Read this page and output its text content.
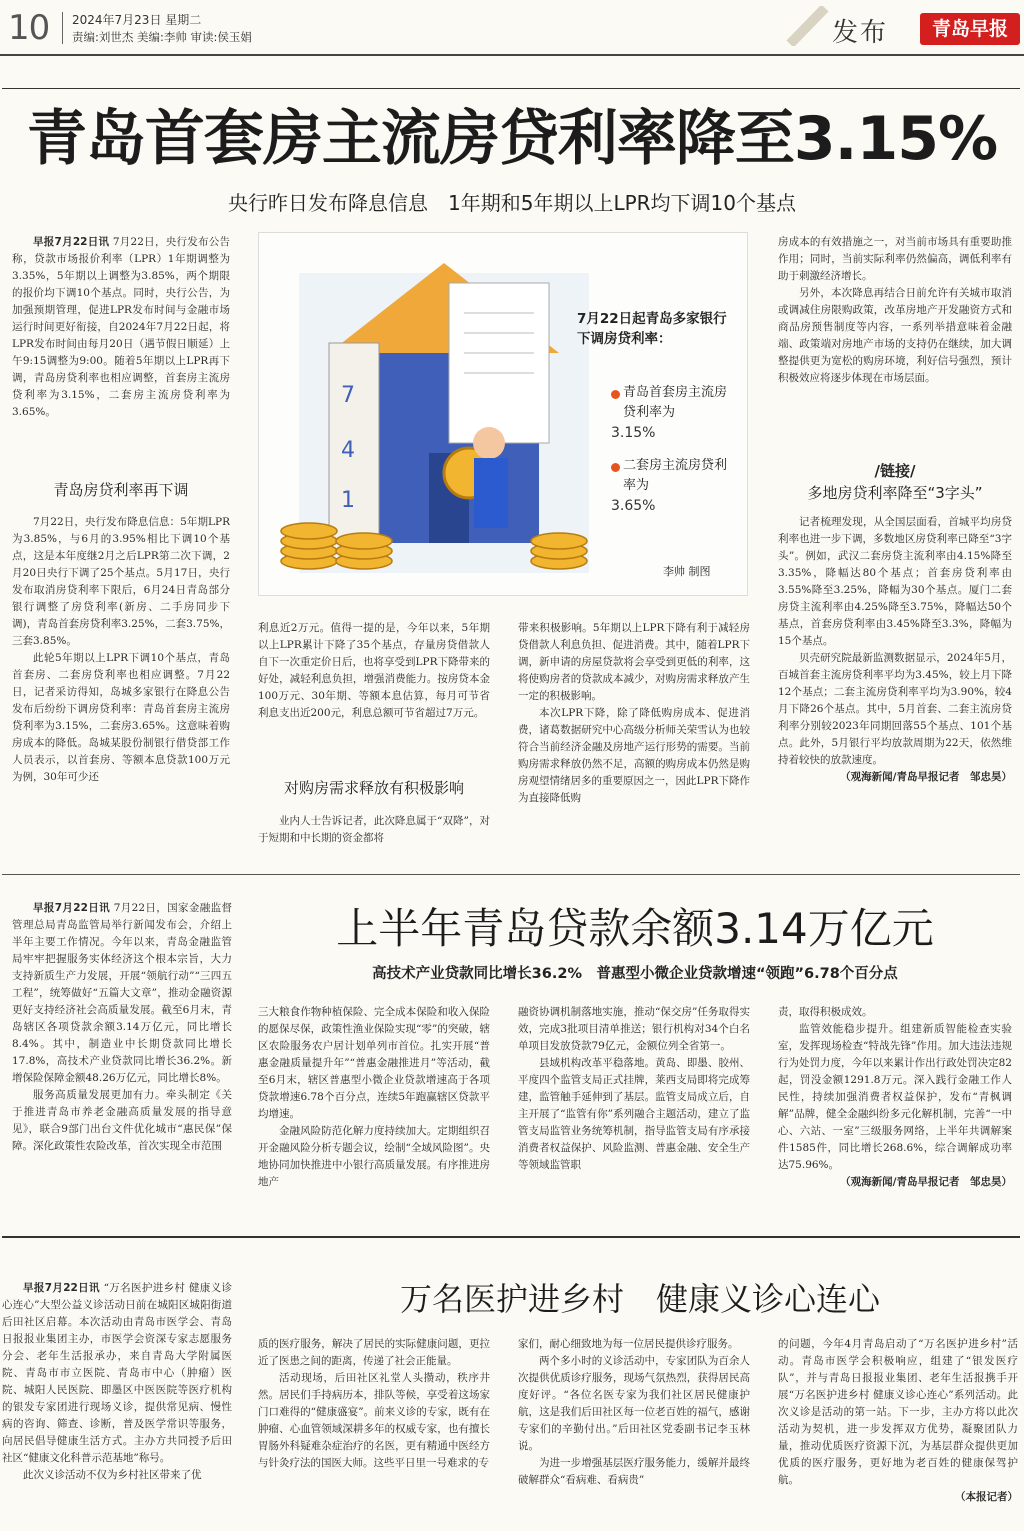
10 2024年7月23日 星期二
责编:刘世杰 美编:李帅 审读:侯玉娟	发布	青岛早报
青岛首套房主流房贷利率降至3.15%
央行昨日发布降息信息　1年期和5年期以上LPR均下调10个基点

早报7月22日讯 7月22日，央行发布公告称，贷款市场报价利率（LPR）1年期调整为3.35%，5年期以上调整为3.85%，两个期限的报价均下调10个基点。同时，央行公告，为加强预期管理，促进LPR发布时间与金融市场运行时间更好衔接，自2024年7月22日起，将LPR发布时间由每月20日（遇节假日顺延）上午9:15调整为9:00。随着5年期以上LPR再下调，青岛房贷利率也相应调整，首套房主流房贷利率为3.15%，二套房主流房贷利率为3.65%。

青岛房贷利率再下调

7月22日，央行发布降息信息：5年期LPR为3.85%，与6月的3.95%相比下调10个基点，这是本年度继2月之后LPR第二次下调，2月20日央行下调了25个基点。5月17日，央行发布取消房贷利率下限后，6月24日青岛部分银行调整了房贷利率(新房、二手房同步下调)，青岛首套房贷利率3.25%，二套3.75%，三套3.85%。

此轮5年期以上LPR下调10个基点，青岛首套房、二套房贷利率也相应调整。7月22日，记者采访得知，岛城多家银行在降息公告发布后纷纷下调房贷利率：青岛首套房主流房贷利率为3.15%，二套房3.65%。这意味着购房成本的降低。岛城某股份制银行借贷部工作人员表示，以首套房、等额本息贷款100万元为例，30年可少还

7
4
1
7月22日起青岛多家银行下调房贷利率：
青岛首套房主流房贷利率为
3.15%
二套房主流房贷利率为
3.65%
李帅 制图

利息近2万元。值得一提的是，今年以来，5年期以上LPR累计下降了35个基点，存量房贷借款人自下一次重定价日后，也将享受到LPR下降带来的好处，减轻利息负担，增强消费能力。按房贷本金100万元、30年期、等额本息估算，每月可节省利息支出近200元，利息总额可节省超过7万元。

对购房需求释放有积极影响

业内人士告诉记者，此次降息属于“双降”，对于短期和中长期的资金都将

带来积极影响。5年期以上LPR下降有利于减轻房贷借款人利息负担、促进消费。其中，随着LPR下调，新申请的房屋贷款将会享受到更低的利率，这将使购房者的贷款成本减少，对购房需求释放产生一定的积极影响。

本次LPR下降，除了降低购房成本、促进消费，诸葛数据研究中心高级分析师关荣雪认为也较符合当前经济金融及房地产运行形势的需要。当前购房需求释放仍然不足，高额的购房成本仍然是购房观望情绪居多的重要原因之一，因此LPR下降作为直接降低购

房成本的有效措施之一，对当前市场具有重要助推作用；同时，当前实际利率仍然偏高，调低利率有助于刺激经济增长。

另外，本次降息再结合日前允许有关城市取消或调减住房限购政策，改革房地产开发融资方式和商品房预售制度等内容，一系列举措意味着金融端、政策端对房地产市场的支持仍在继续，加大调整提供更为宽松的购房环境，利好信号强烈，预计积极效应将逐步体现在市场层面。

/链接/
多地房贷利率降至“3字头”

记者梳理发现，从全国层面看，首城平均房贷利率也进一步下调，多数地区房贷利率已降至“3字头”。例如，武汉二套房贷主流利率由4.15%降至3.35%，降幅达80个基点；首套房贷利率由3.55%降至3.25%，降幅为30个基点。厦门二套房贷主流利率由4.25%降至3.75%，降幅达50个基点，首套房贷利率由3.45%降至3.3%，降幅为15个基点。

贝壳研究院最新监测数据显示，2024年5月，百城首套主流房贷利率平均为3.45%，较上月下降12个基点；二套主流房贷利率平均为3.90%，较4月下降26个基点。其中，5月首套、二套主流房贷利率分别较2023年同期回落55个基点、101个基点。此外，5月银行平均放款周期为22天，依然维持着较快的放款速度。

（观海新闻/青岛早报记者　邹忠昊）

早报7月22日讯 7月22日，国家金融监督管理总局青岛监管局举行新闻发布会，介绍上半年主要工作情况。今年以来，青岛金融监管局牢牢把握服务实体经济这个根本宗旨，大力支持新质生产力发展，开展“领航行动”“三四五工程”，统筹做好“五篇大文章”，推动金融资源更好支持经济社会高质量发展。截至6月末，青岛辖区各项贷款余额3.14万亿元，同比增长8.4%。其中，制造业中长期贷款同比增长17.8%，高技术产业贷款同比增长36.2%。新增保险保障金额48.26万亿元，同比增长8%。

服务高质量发展更加有力。牵头制定《关于推进青岛市养老金融高质量发展的指导意见》，联合9部门出台文件优化城市“惠民保”保障。深化政策性农险改革，首次实现全市范围

上半年青岛贷款余额3.14万亿元
高技术产业贷款同比增长36.2%　普惠型小微企业贷款增速“领跑”6.78个百分点

三大粮食作物种植保险、完全成本保险和收入保险的愿保尽保，政策性渔业保险实现“零”的突破，辖区农险服务农户居计划单列市首位。扎实开展“普惠金融质量提升年”“普惠金融推进月”等活动，截至6月末，辖区普惠型小微企业贷款增速高于各项贷款增速6.78个百分点，连续5年跑赢辖区贷款平均增速。

金融风险防范化解力度持续加大。定期组织召开金融风险分析专题会议，绘制“全域风险图”。央地协同加快推进中小银行高质量发展。有序推进房地产

融资协调机制落地实施，推动“保交房”任务取得实效，完成3批项目清单推送；银行机构对34个白名单项目发放贷款79亿元，金额位列全省第一。

县域机构改革平稳落地。黄岛、即墨、胶州、平度四个监管支局正式挂牌，莱西支局即将完成筹建，监管触手延伸到了基层。监管支局成立后，自主开展了“监管有你”系列融合主题活动，建立了监管支局监管业务统筹机制，指导监管支局有序承接消费者权益保护、风险监测、普惠金融、安全生产等领域监管职

责，取得积极成效。

监管效能稳步提升。组建新质智能检查实验室，发挥现场检查“特战先锋”作用。加大违法违规行为处罚力度，今年以来累计作出行政处罚决定82起，罚没金额1291.8万元。深入践行金融工作人民性，持续加强消费者权益保护，发布“青枫调解”品牌，健全金融纠纷多元化解机制，完善“一中心、六站、一室”三级服务网络，上半年共调解案件1585件，同比增长268.6%，综合调解成功率达75.96%。

（观海新闻/青岛早报记者　邹忠昊）

早报7月22日讯 “万名医护进乡村 健康义诊心连心”大型公益义诊活动日前在城阳区城阳街道后田社区启幕。本次活动由青岛市医学会、青岛日报报业集团主办，市医学会资深专家志愿服务分会、老年生活报承办，来自青岛大学附属医院、青岛市市立医院、青岛市中心（肿瘤）医院、城阳人民医院、即墨区中医医院等医疗机构的银发专家团进行现场义诊，提供常见病、慢性病的咨询、筛查、诊断，普及医学常识等服务，向居民倡导健康生活方式。主办方共同授予后田社区“健康文化科普示范基地”称号。

此次义诊活动不仅为乡村社区带来了优

万名医护进乡村　健康义诊心连心

质的医疗服务，解决了居民的实际健康问题，更拉近了医患之间的距离，传递了社会正能量。

活动现场，后田社区礼堂人头攒动，秩序井然。居民们手持病历本，排队等候，享受着这场家门口难得的“健康盛宴”。前来义诊的专家，既有在肿瘤、心血管领域深耕多年的权威专家，也有擅长胃肠外科疑难杂症治疗的名医，更有精通中医经方与针灸疗法的国医大师。这些平日里一号难求的专

家们，耐心细致地为每一位居民提供诊疗服务。

两个多小时的义诊活动中，专家团队为百余人次提供优质诊疗服务，现场气氛热烈，获得居民高度好评。“各位名医专家为我们社区居民健康护航，这是我们后田社区每一位老百姓的福气，感谢专家们的辛勤付出。”后田社区党委副书记李玉林说。

为进一步增强基层医疗服务能力，缓解并最终破解群众“看病难、看病贵”

的问题，今年4月青岛启动了“万名医护进乡村”活动。青岛市医学会积极响应，组建了“银发医疗队”，并与青岛日报报业集团、老年生活报携手开展“万名医护进乡村 健康义诊心连心”系列活动。此次义诊是活动的第一站。下一步，主办方将以此次活动为契机，进一步发挥双方优势，凝聚团队力量，推动优质医疗资源下沉，为基层群众提供更加优质的医疗服务，更好地为老百姓的健康保驾护航。

（本报记者）
